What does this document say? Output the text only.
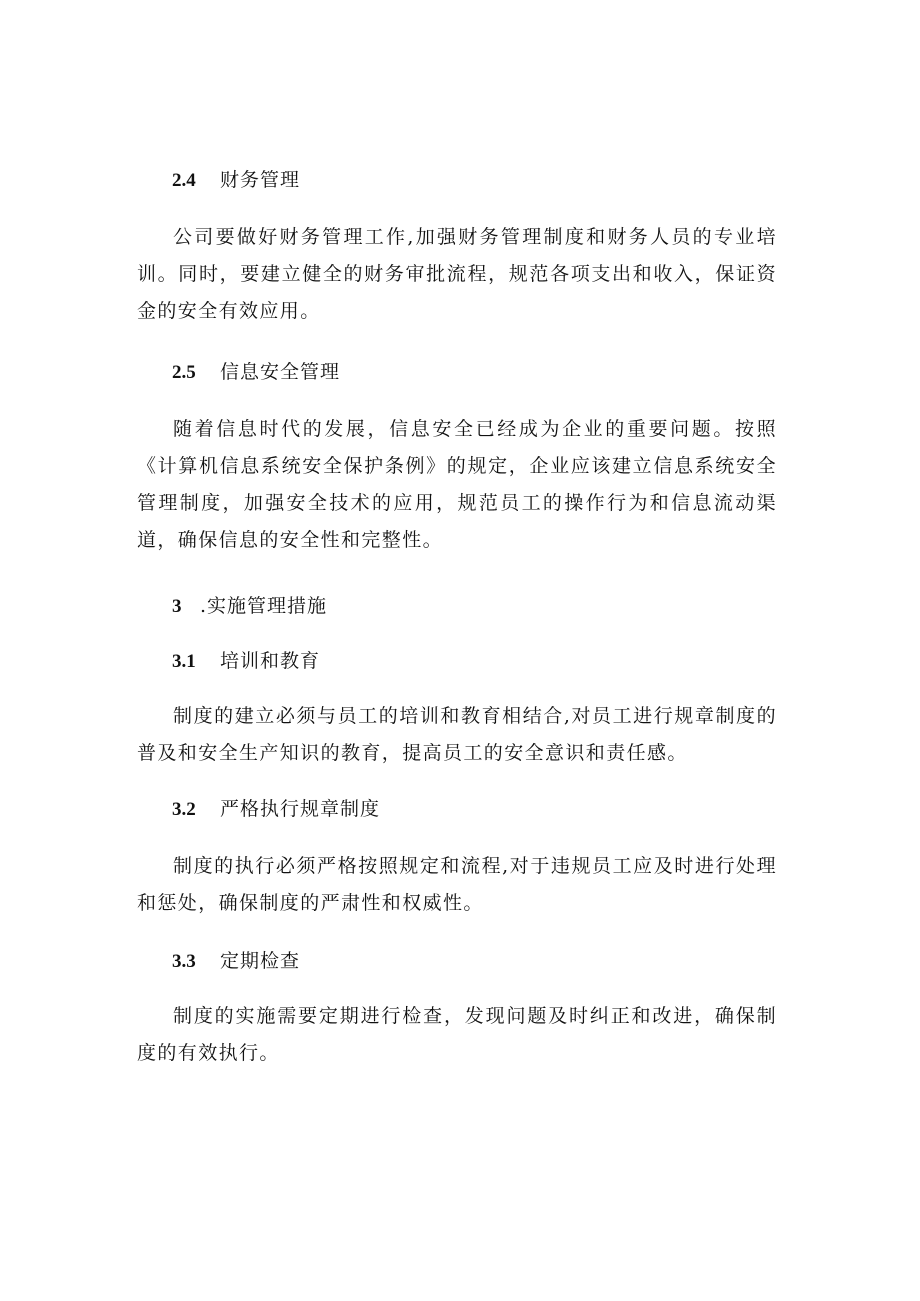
2.4 财务管理

公司要做好财务管理工作,加强财务管理制度和财务人员的专业培训。同时，要建立健全的财务审批流程，规范各项支出和收入，保证资金的安全有效应用。

2.5 信息安全管理

随着信息时代的发展，信息安全已经成为企业的重要问题。按照《计算机信息系统安全保护条例》的规定，企业应该建立信息系统安全管理制度，加强安全技术的应用，规范员工的操作行为和信息流动渠道，确保信息的安全性和完整性。

3 .实施管理措施
3.1 培训和教育

制度的建立必须与员工的培训和教育相结合,对员工进行规章制度的普及和安全生产知识的教育，提高员工的安全意识和责任感。

3.2 严格执行规章制度

制度的执行必须严格按照规定和流程,对于违规员工应及时进行处理和惩处，确保制度的严肃性和权威性。

3.3 定期检查

制度的实施需要定期进行检查，发现问题及时纠正和改进，确保制度的有效执行。
